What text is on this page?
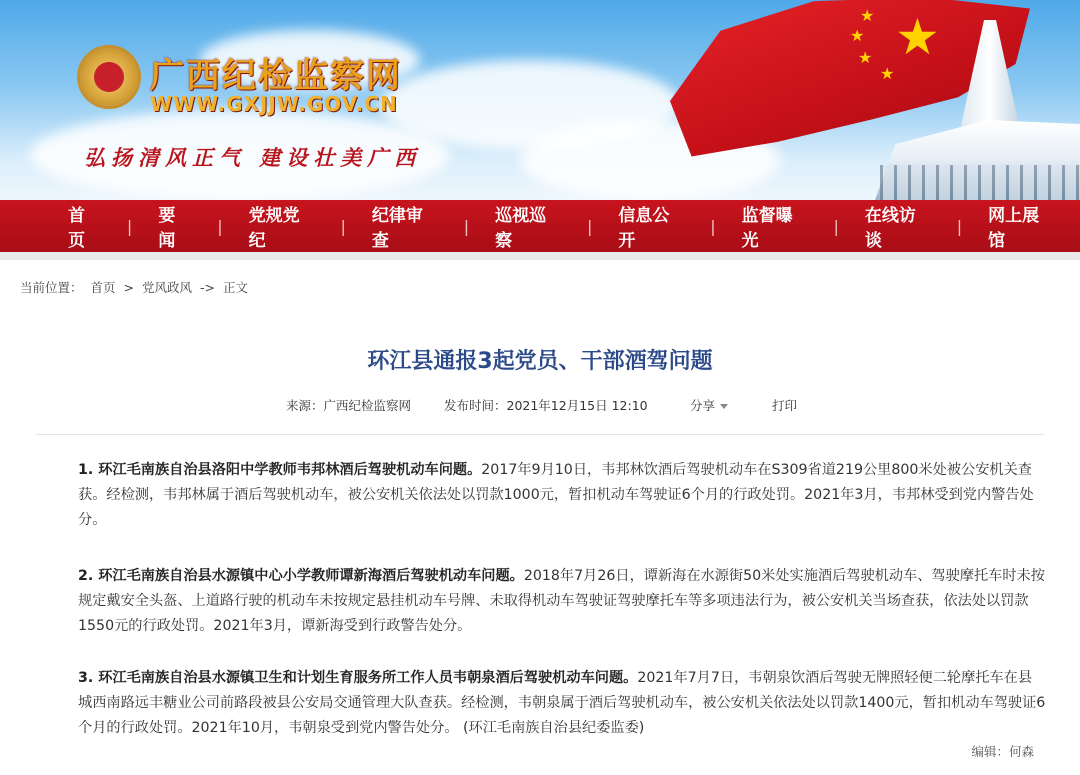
广西纪检监察网
WWW.GXJJW.GOV.CN
弘扬清风正气 建设壮美广西
★
★
★
★
★
首页
|	要闻
|	党规党纪
|	纪律审查
|	巡视巡察
|	信息公开
|	监督曝光
|	在线访谈
|	网上展馆
当前位置： 首页 > 党风政风 -> 正文
环江县通报3起党员、干部酒驾问题
来源：广西纪检监察网	发布时间：2021年12月15日 12:10	分享	打印
1. 环江毛南族自治县洛阳中学教师韦邦林酒后驾驶机动车问题。2017年9月10日，韦邦林饮酒后驾驶机动车在S309省道219公里800米处被公安机关查获。经检测，韦邦林属于酒后驾驶机动车，被公安机关依法处以罚款1000元，暂扣机动车驾驶证6个月的行政处罚。2021年3月，韦邦林受到党内警告处分。
2. 环江毛南族自治县水源镇中心小学教师谭新海酒后驾驶机动车问题。2018年7月26日，谭新海在水源街50米处实施酒后驾驶机动车、驾驶摩托车时未按规定戴安全头盔、上道路行驶的机动车未按规定悬挂机动车号牌、未取得机动车驾驶证驾驶摩托车等多项违法行为，被公安机关当场查获，依法处以罚款1550元的行政处罚。2021年3月，谭新海受到行政警告处分。
3. 环江毛南族自治县水源镇卫生和计划生育服务所工作人员韦朝泉酒后驾驶机动车问题。2021年7月7日，韦朝泉饮酒后驾驶无牌照轻便二轮摩托车在县城西南路远丰糖业公司前路段被县公安局交通管理大队查获。经检测，韦朝泉属于酒后驾驶机动车，被公安机关依法处以罚款1400元，暂扣机动车驾驶证6个月的行政处罚。2021年10月，韦朝泉受到党内警告处分。 (环江毛南族自治县纪委监委)
编辑：何森
